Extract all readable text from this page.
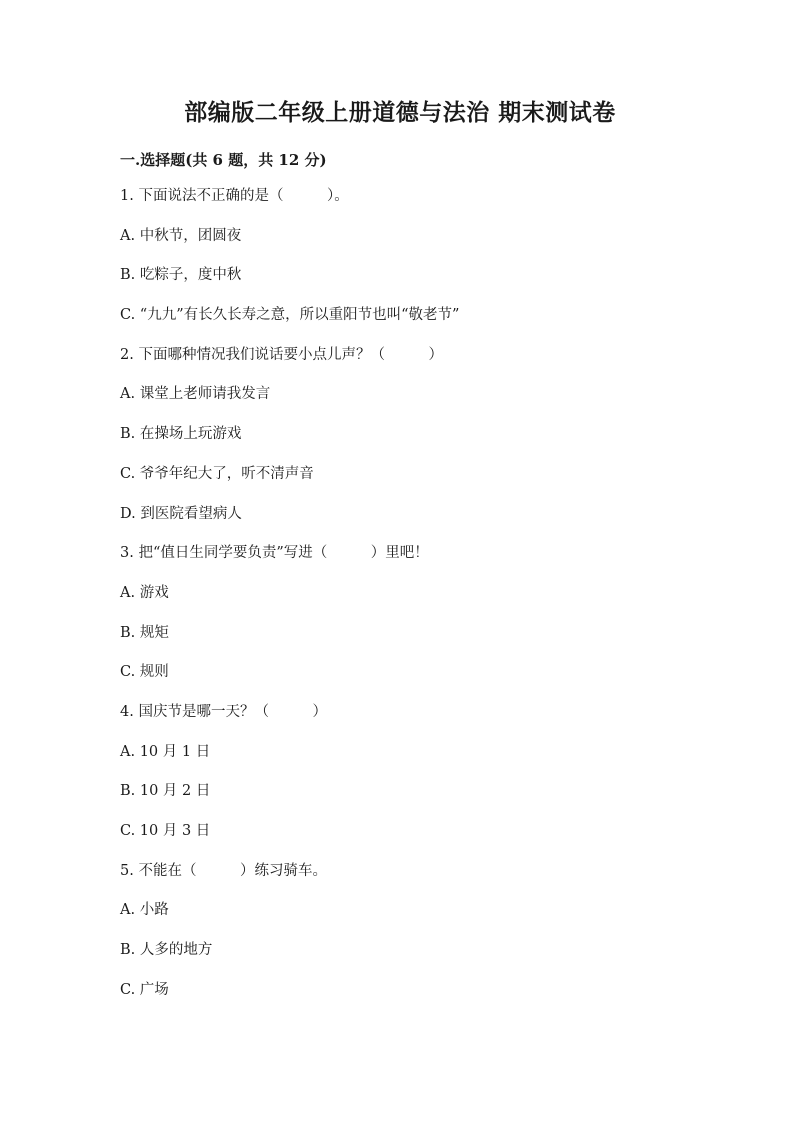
部编版二年级上册道德与法治 期末测试卷
一.选择题(共 6 题，共 12 分)
1. 下面说法不正确的是（　　　）。
A. 中秋节，团圆夜
B. 吃粽子，度中秋
C. “九九”有长久长寿之意，所以重阳节也叫“敬老节”
2. 下面哪种情况我们说话要小点儿声？（　　　）
A. 课堂上老师请我发言
B. 在操场上玩游戏
C. 爷爷年纪大了，听不清声音
D. 到医院看望病人
3. 把“值日生同学要负责”写进（　　　）里吧！
A. 游戏
B. 规矩
C. 规则
4. 国庆节是哪一天？（　　　）
A. 10 月 1 日
B. 10 月 2 日
C. 10 月 3 日
5. 不能在（　　　）练习骑车。
A. 小路
B. 人多的地方
C. 广场
